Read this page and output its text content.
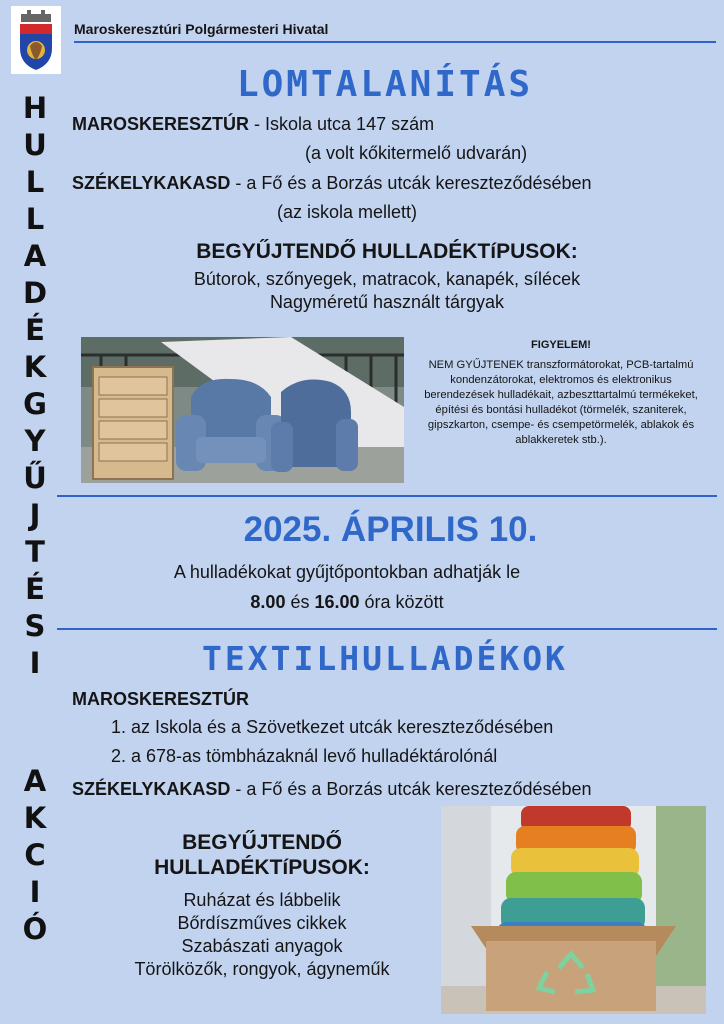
Maroskeresztúri Polgármesteri Hivatal
H
U
L
L
A
D
É
K
G
Y
Ű
J
T
É
S
I
A
K
C
I
Ó
LOMTALANÍTÁS
MAROSKERESZTÚR - Iskola utca 147 szám
(a volt kőkitermelő udvarán)
SZÉKELYKAKASD - a Fő és a Borzás utcák kereszteződésében
(az iskola mellett)
BEGYŰJTENDŐ HULLADÉKTíPUSOK:
Bútorok, szőnyegek, matracok, kanapék, sílécek
Nagyméretű használt tárgyak
FIGYELEM!
NEM GYŰJTENEK transzformátorokat, PCB-tartalmú kondenzátorokat, elektromos és elektronikus berendezések hulladékait, azbeszttartalmú termékeket, építési és bontási hulladékot (törmelék, szaniterek, gipszkarton, csempe- és csempetörmelék, ablakok és ablakkeretek stb.).
2025. ÁPRILIS 10.
A hulladékokat gyűjtőpontokban adhatják le
8.00 és 16.00 óra között
TEXTILHULLADÉKOK
MAROSKERESZTÚR
1. az Iskola és a Szövetkezet utcák kereszteződésében
2. a 678-as tömbházaknál levő hulladéktárolónál
SZÉKELYKAKASD - a Fő és a Borzás utcák kereszteződésében
BEGYŰJTENDŐ
HULLADÉKTíPUSOK:
Ruházat és lábbelik
Bőrdíszműves cikkek
Szabászati anyagok
Törölközők, rongyok, ágyneműk
